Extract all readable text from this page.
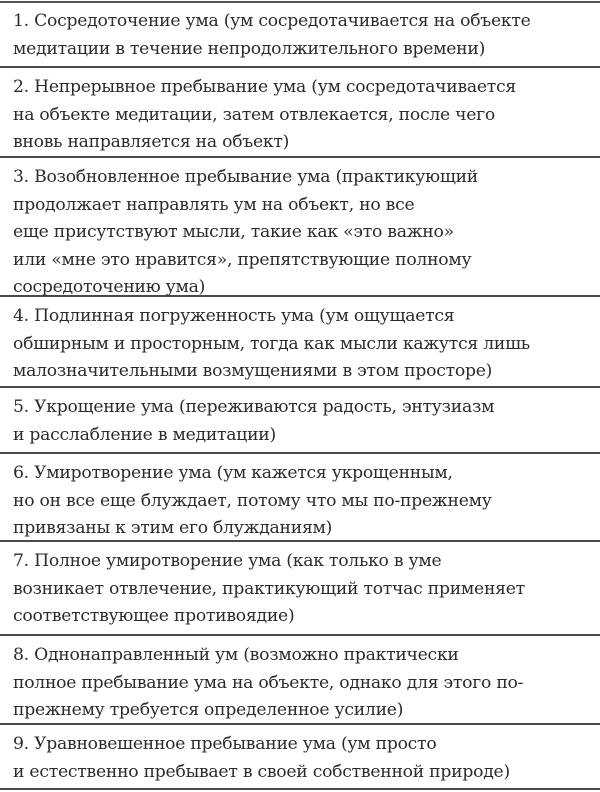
1. Сосредоточение ума (ум сосредотачивается на объекте
медитации в течение непродолжительного времени)
2. Непрерывное пребывание ума (ум сосредотачивается
на объекте медитации, затем отвлекается, после чего
вновь направляется на объект)
3. Возобновленное пребывание ума (практикующий
продолжает направлять ум на объект, но все
еще присутствуют мысли, такие как «это важно»
или «мне это нравится», препятствующие полному
сосредоточению ума)
4. Подлинная погруженность ума (ум ощущается
обширным и просторным, тогда как мысли кажутся лишь
малозначительными возмущениями в этом просторе)
5. Укрощение ума (переживаются радость, энтузиазм
и расслабление в медитации)
6. Умиротворение ума (ум кажется укрощенным,
но он все еще блуждает, потому что мы по-прежнему
привязаны к этим его блужданиям)
7. Полное умиротворение ума (как только в уме
возникает отвлечение, практикующий тотчас применяет
соответствующее противоядие)
8. Однонаправленный ум (возможно практически
полное пребывание ума на объекте, однако для этого по-
прежнему требуется определенное усилие)
9. Уравновешенное пребывание ума (ум просто
и естественно пребывает в своей собственной природе)
